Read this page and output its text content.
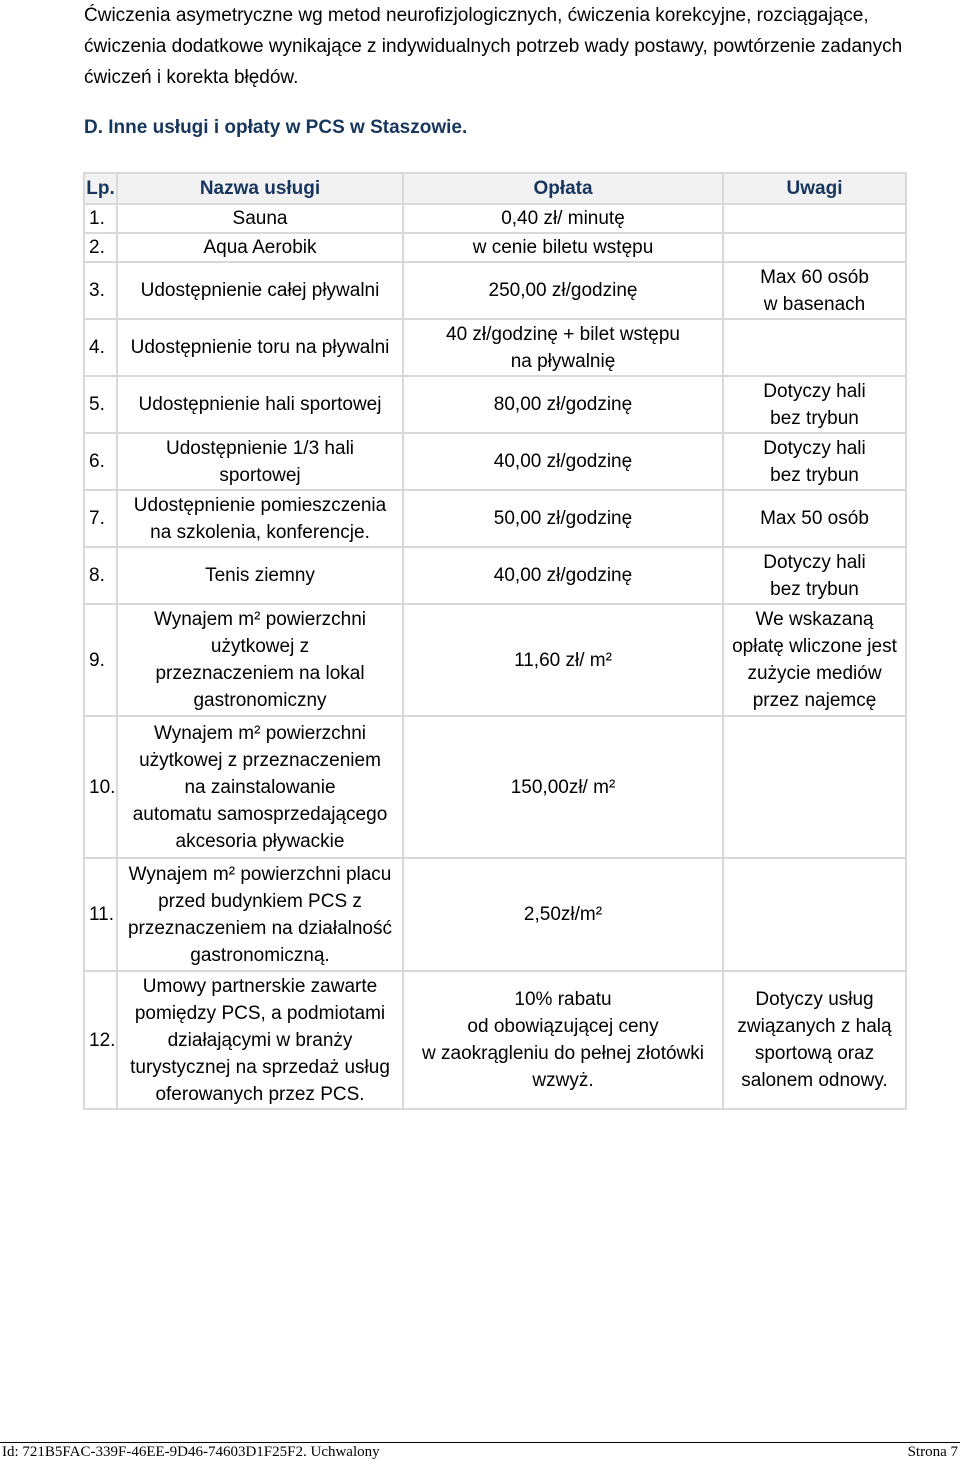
Ćwiczenia asymetryczne wg metod neurofizjologicznych, ćwiczenia korekcyjne, rozciągające, ćwiczenia dodatkowe wynikające z indywidualnych potrzeb wady postawy, powtórzenie zadanych ćwiczeń i korekta błędów.
D. Inne usługi i opłaty w PCS w Staszowie.
Lp.	Nazwa usługi	Opłata	Uwagi
1.	Sauna	0,40 zł/ minutę	
2.	Aqua Aerobik	w cenie biletu wstępu	
3.	Udostępnienie całej pływalni	250,00 zł/godzinę	Max 60 osób
w basenach
4.	Udostępnienie toru na pływalni	40 zł/godzinę + bilet wstępu
na pływalnię	
5.	Udostępnienie hali sportowej	80,00 zł/godzinę	Dotyczy hali
bez trybun
6.	Udostępnienie 1/3 hali
sportowej	40,00 zł/godzinę	Dotyczy hali
bez trybun
7.	Udostępnienie pomieszczenia
na szkolenia, konferencje.	50,00 zł/godzinę	Max 50 osób
8.	Tenis ziemny	40,00 zł/godzinę	Dotyczy hali
bez trybun
9.	Wynajem m² powierzchni
użytkowej z
przeznaczeniem na lokal
gastronomiczny	11,60 zł/ m²	We wskazaną
opłatę wliczone jest
zużycie mediów
przez najemcę
10.	Wynajem m² powierzchni
użytkowej z przeznaczeniem
na zainstalowanie
automatu samosprzedającego
akcesoria pływackie	150,00zł/ m²	
11.	Wynajem m² powierzchni placu
przed budynkiem PCS z
przeznaczeniem na działalność
gastronomiczną.	2,50zł/m²	
12.	Umowy partnerskie zawarte
pomiędzy PCS, a podmiotami
działającymi w branży
turystycznej na sprzedaż usług
oferowanych przez PCS.	10% rabatu
od obowiązującej ceny
w zaokrągleniu do pełnej złotówki
wzwyż.	Dotyczy usług
związanych z halą
sportową oraz
salonem odnowy.
Id: 721B5FAC-339F-46EE-9D46-74603D1F25F2. Uchwalony	Strona 7
